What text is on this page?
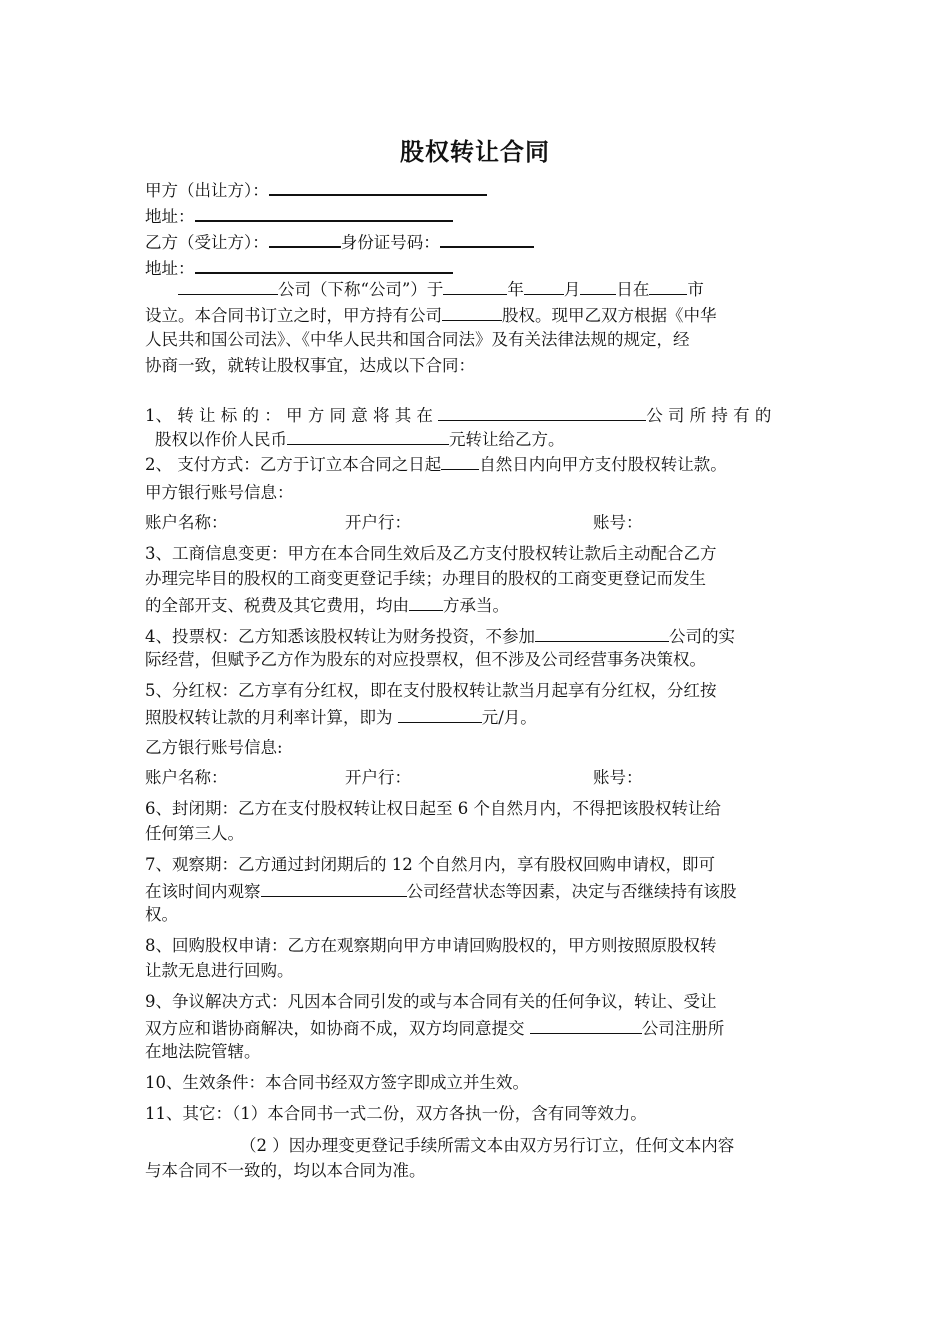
股权转让合同
甲方（出让方）：
地址：
乙方（受让方）：	身份证号码：
地址：
公司（下称“公司”）于	年 月 日在 市
设立。本合同书订立之时，甲方持有公司	股权。现甲乙双方根据《中华
人民共和国公司法》、《中华人民共和国合同法》及有关法律法规的规定，经
协商一致，就转让股权事宜，达成以下合同：
1、 转 让 标 的 ： 甲 方 同 意 将 其 在	公 司 所 持 有 的
股权以作价人民币	元转让给乙方。
2、 支付方式：乙方于订立本合同之日起 自然日内向甲方支付股权转让款。
甲方银行账号信息：
账户名称：	开户行：	账号：
3、工商信息变更：甲方在本合同生效后及乙方支付股权转让款后主动配合乙方
办理完毕目的股权的工商变更登记手续；办理目的股权的工商变更登记而发生
的全部开支、税费及其它费用，均由 方承当。
4、投票权：乙方知悉该股权转让为财务投资，不参加	公司的实
际经营，但赋予乙方作为股东的对应投票权，但不涉及公司经营事务决策权。
5、分红权：乙方享有分红权，即在支付股权转让款当月起享有分红权，分红按
照股权转让款的月利率计算，即为	元/月。
乙方银行账号信息:
账户名称：	开户行：	账号：
6、封闭期：乙方在支付股权转让权日起至 6 个自然月内，不得把该股权转让给
任何第三人。
7、观察期：乙方通过封闭期后的 12 个自然月内，享有股权回购申请权，即可
在该时间内观察	公司经营状态等因素，决定与否继续持有该股
权。
8、回购股权申请：乙方在观察期向甲方申请回购股权的，甲方则按照原股权转
让款无息进行回购。
9、争议解决方式：凡因本合同引发的或与本合同有关的任何争议，转让、受让
双方应和谐协商解决，如协商不成，双方均同意提交	公司注册所
在地法院管辖。
10、生效条件：本合同书经双方签字即成立并生效。
11、其它：（1）本合同书一式二份，双方各执一份，含有同等效力。
（2 ）因办理变更登记手续所需文本由双方另行订立，任何文本内容
与本合同不一致的，均以本合同为准。
